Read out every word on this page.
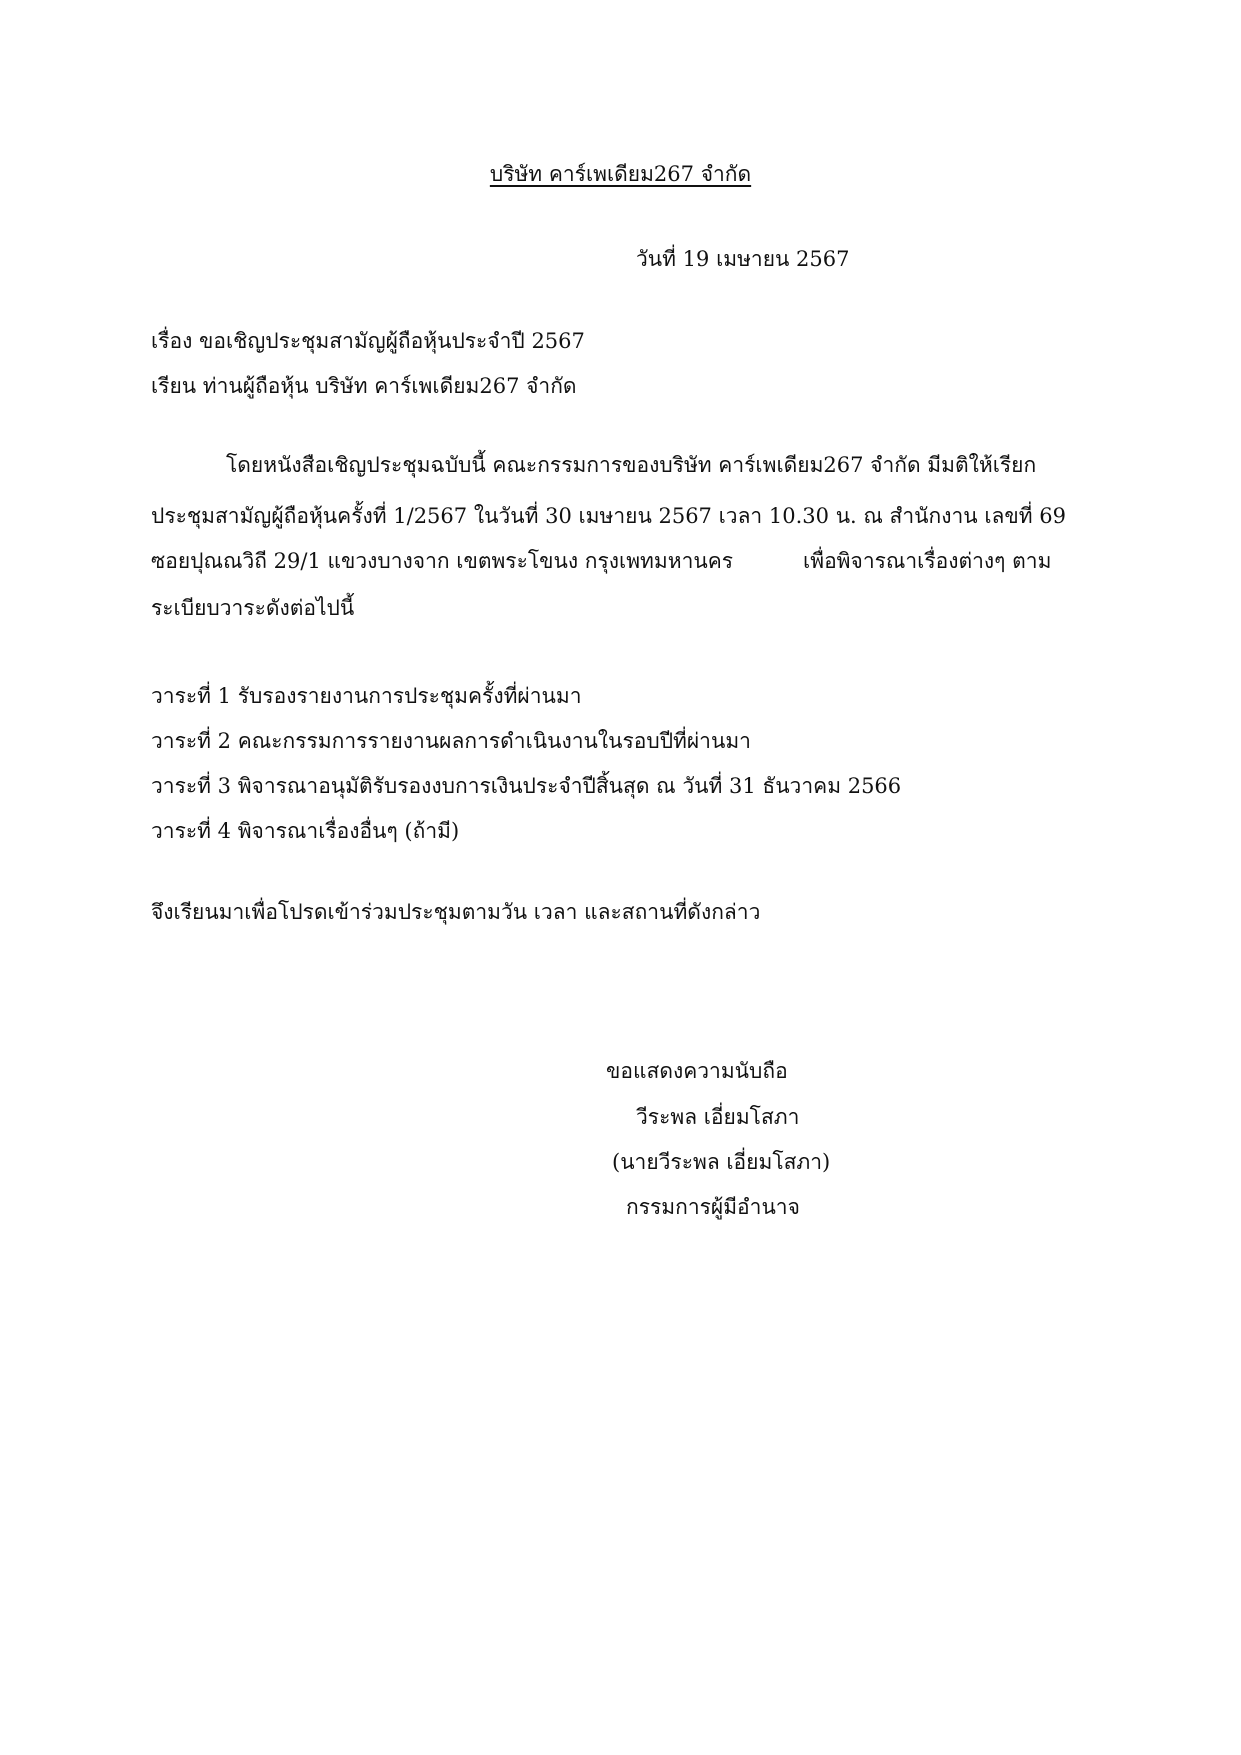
บริษัท คาร์เพเดียม267 จำกัด
วันที่ 19 เมษายน 2567
เรื่อง ขอเชิญประชุมสามัญผู้ถือหุ้นประจำปี 2567
เรียน ท่านผู้ถือหุ้น บริษัท คาร์เพเดียม267 จำกัด
โดยหนังสือเชิญประชุมฉบับนี้ คณะกรรมการของบริษัท คาร์เพเดียม267 จำกัด มีมติให้เรียก
ประชุมสามัญผู้ถือหุ้นครั้งที่ 1/2567 ในวันที่ 30 เมษายน 2567 เวลา 10.30 น. ณ สำนักงาน เลขที่ 69
ซอยปุณณวิถี 29/1 แขวงบางจาก เขตพระโขนง กรุงเพทมหานคร	เพื่อพิจารณาเรื่องต่างๆ ตาม
ระเบียบวาระดังต่อไปนี้
วาระที่ 1 รับรองรายงานการประชุมครั้งที่ผ่านมา
วาระที่ 2 คณะกรรมการรายงานผลการดำเนินงานในรอบปีที่ผ่านมา
วาระที่ 3 พิจารณาอนุมัติรับรองงบการเงินประจำปีสิ้นสุด ณ วันที่ 31 ธันวาคม 2566
วาระที่ 4 พิจารณาเรื่องอื่นๆ (ถ้ามี)
จึงเรียนมาเพื่อโปรดเข้าร่วมประชุมตามวัน เวลา และสถานที่ดังกล่าว
ขอแสดงความนับถือ
วีระพล เอี่ยมโสภา
(นายวีระพล เอี่ยมโสภา)
กรรมการผู้มีอำนาจ
